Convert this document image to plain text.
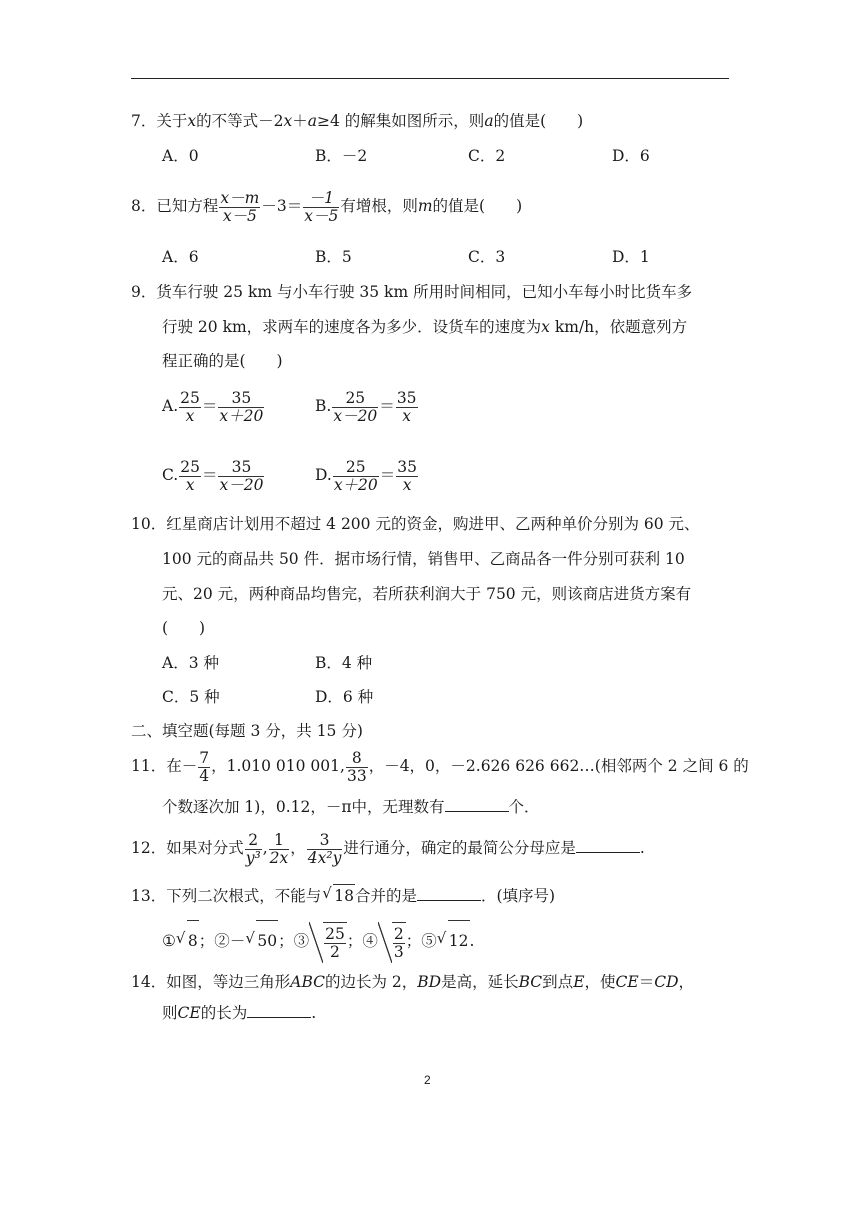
7．关于x的不等式－2x＋a≥4 的解集如图所示，则a的值是(　　)
A．0	B．－2	C．2	D．6
8．已知方程 $\frac{x-m}{x-5} -3= \frac{-1}{x-5}$ 有增根，则m的值是(　　)
A．6	B．5	C．3	D．1
9．货车行驶 25 km 与小车行驶 35 km 所用时间相同，已知小车每小时比货车多
行驶 20 km，求两车的速度各为多少．设货车的速度为x km/h，依题意列方
程正确的是(　　)
A. $\frac{25}{x} = \frac{35}{x+20}$	B. $\frac{25}{x-20} = \frac{35}{x}$
C. $\frac{25}{x} = \frac{35}{x-20}$	D. $\frac{25}{x+20} = \frac{35}{x}$
10．红星商店计划用不超过 4 200 元的资金，购进甲、乙两种单价分别为 60 元、
100 元的商品共 50 件．据市场行情，销售甲、乙商品各一件分别可获利 10
元、20 元，两种商品均售完，若所获利润大于 750 元，则该商店进货方案有
(　　)
A．3 种	B．4 种
C．5 种	D．6 种
二、填空题(每题 3 分，共 15 分)
11．在－ $\frac{7}{4}$ ，1.010 010 001, $\frac{8}{33}$ ，－4，0，－2.626 626 662…(相邻两个 2 之间 6 的
个数逐次加 1)，0.12，－π中，无理数有	个．
12．如果对分式 $\frac{2}{\text{y³}}$ , $\frac{1}{2x}$ ， $\frac{3}{\text{4x²y}}$ 进行通分，确定的最简公分母应是	.
13．下列二次根式，不能与 √ 18合并的是	．(填序号)
① √ 8；②－ √ 50；③ $\frac{25}{2}$ ；④ $\frac{2}{3}$ ；⑤ √ 12.
14．如图，等边三角形ABC的边长为 2，BD是高，延长BC到点E，使CE＝CD，
则CE的长为	.
2
